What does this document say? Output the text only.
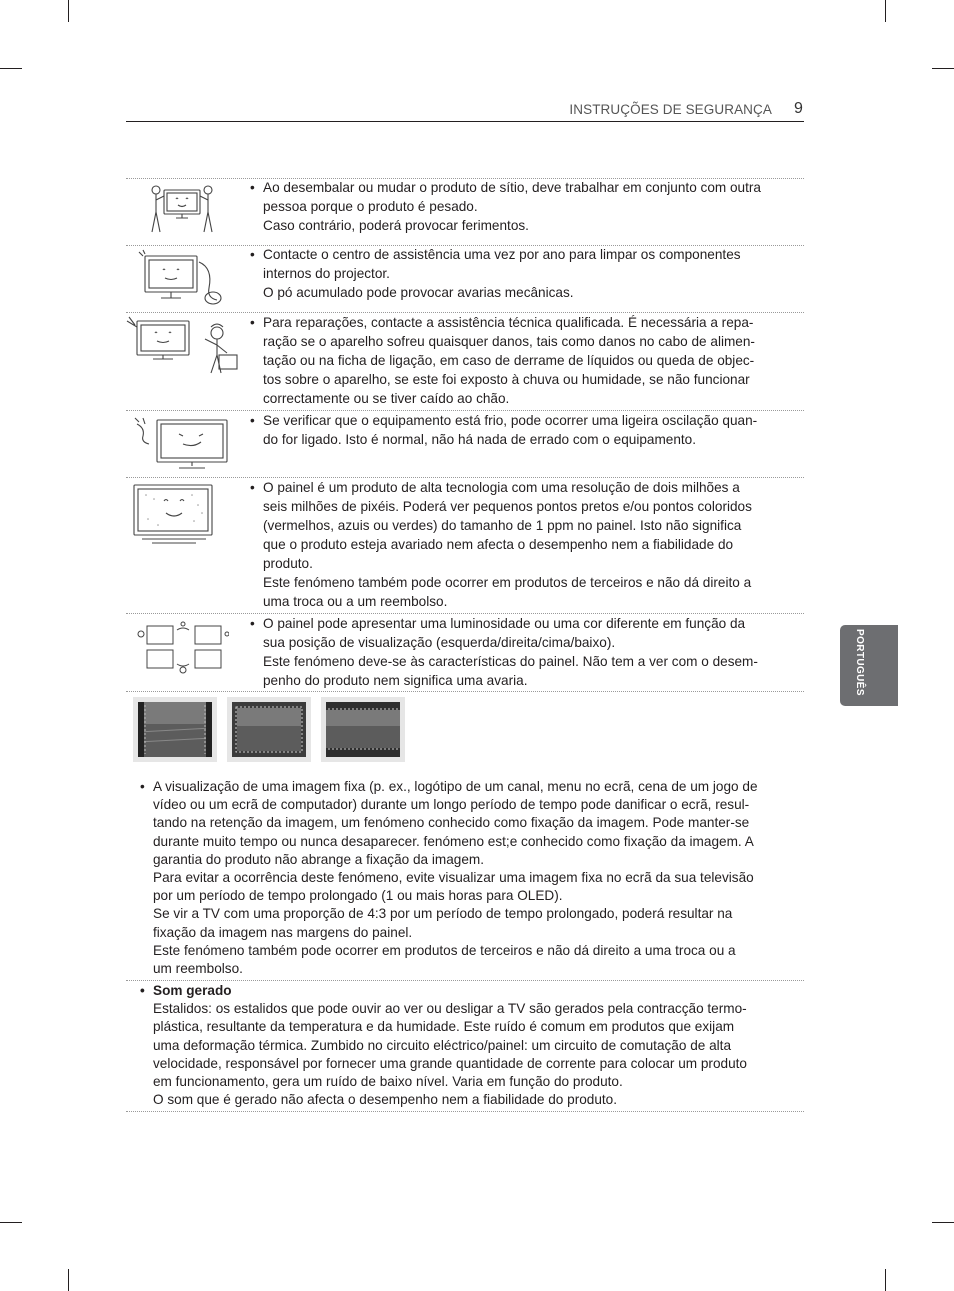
INSTRUÇÕES DE SEGURANÇA 9
PORTUGUÊS
• Ao desembalar ou mudar o produto de sítio, deve trabalhar em conjunto com outra

pessoa porque o produto é pesado.

Caso contrário, poderá provocar ferimentos.

• Contacte o centro de assistência uma vez por ano para limpar os componentes

internos do projector.

O pó acumulado pode provocar avarias mecânicas.

• Para reparações, contacte a assistência técnica qualificada. É necessária a repa-

ração se o aparelho sofreu quaisquer danos, tais como danos no cabo de alimen-

tação ou na ficha de ligação, em caso de derrame de líquidos ou queda de objec-

tos sobre o aparelho, se este foi exposto à chuva ou humidade, se não funcionar

correctamente ou se tiver caído ao chão.

• Se verificar que o equipamento está frio, pode ocorrer uma ligeira oscilação quan-

do for ligado. Isto é normal, não há nada de errado com o equipamento.

• O painel é um produto de alta tecnologia com uma resolução de dois milhões a

seis milhões de pixéis. Poderá ver pequenos pontos pretos e/ou pontos coloridos

(vermelhos, azuis ou verdes) do tamanho de 1 ppm no painel. Isto não significa

que o produto esteja avariado nem afecta o desempenho nem a fiabilidade do

produto.

Este fenómeno também pode ocorrer em produtos de terceiros e não dá direito a

uma troca ou a um reembolso.

• O painel pode apresentar uma luminosidade ou uma cor diferente em função da

sua posição de visualização (esquerda/direita/cima/baixo).

Este fenómeno deve-se às características do painel. Não tem a ver com o desem-

penho do produto nem significa uma avaria.

• A visualização de uma imagem fixa (p. ex., logótipo de um canal, menu no ecrã, cena de um jogo de

vídeo ou um ecrã de computador) durante um longo período de tempo pode danificar o ecrã, resul-

tando na retenção da imagem, um fenómeno conhecido como fixação da imagem. Pode manter-se

durante muito tempo ou nunca desaparecer. fenómeno est;e conhecido como fixação da imagem. A

garantia do produto não abrange a fixação da imagem.

Para evitar a ocorrência deste fenómeno, evite visualizar uma imagem fixa no ecrã da sua televisão

por um período de tempo prolongado (1 ou mais horas para OLED).

Se vir a TV com uma proporção de 4:3 por um período de tempo prolongado, poderá resultar na

fixação da imagem nas margens do painel.

Este fenómeno também pode ocorrer em produtos de terceiros e não dá direito a uma troca ou a

um reembolso.

• Som gerado

Estalidos: os estalidos que pode ouvir ao ver ou desligar a TV são gerados pela contracção termo-

plástica, resultante da temperatura e da humidade. Este ruído é comum em produtos que exijam

uma deformação térmica. Zumbido no circuito eléctrico/painel: um circuito de comutação de alta

velocidade, responsável por fornecer uma grande quantidade de corrente para colocar um produto

em funcionamento, gera um ruído de baixo nível. Varia em função do produto.

O som que é gerado não afecta o desempenho nem a fiabilidade do produto.
